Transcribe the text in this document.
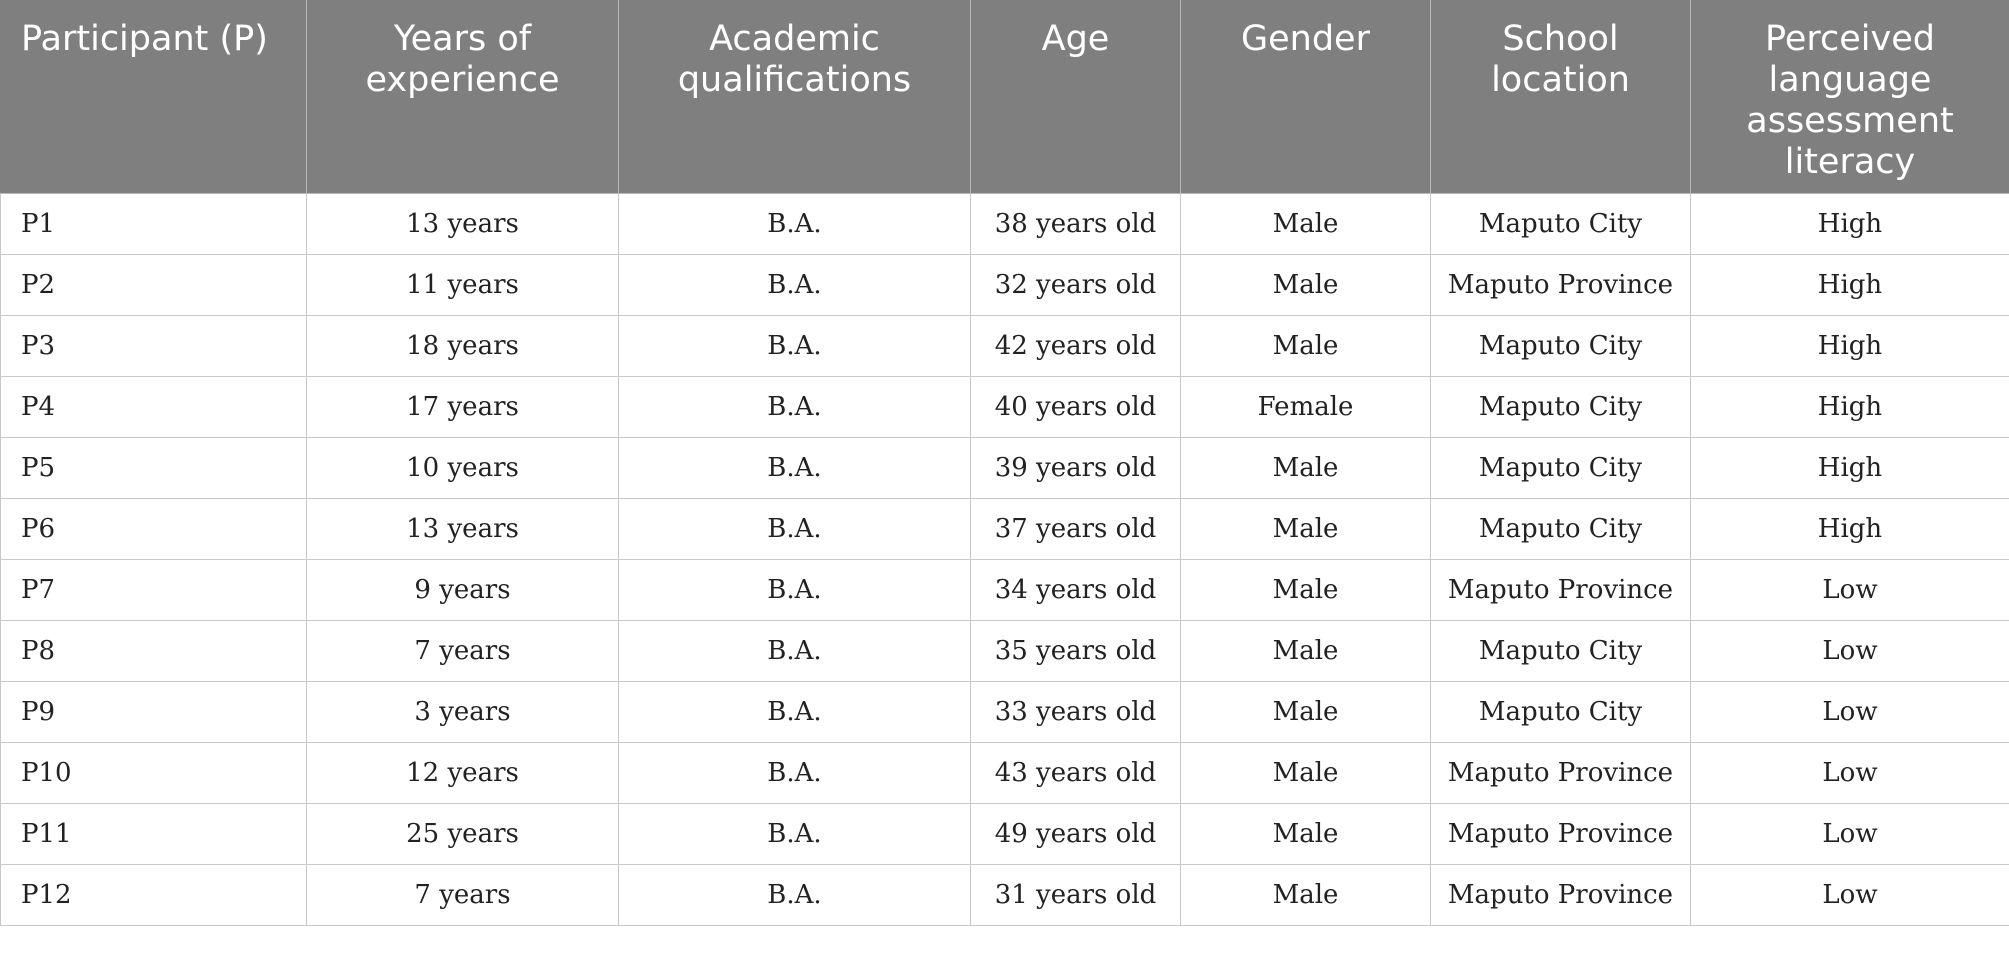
Participant (P)	Years of experience	Academic qualifications	Age	Gender	School location	Perceived language assessment literacy
P1	13 years	B.A.	38 years old	Male	Maputo City	High
P2	11 years	B.A.	32 years old	Male	Maputo Province	High
P3	18 years	B.A.	42 years old	Male	Maputo City	High
P4	17 years	B.A.	40 years old	Female	Maputo City	High
P5	10 years	B.A.	39 years old	Male	Maputo City	High
P6	13 years	B.A.	37 years old	Male	Maputo City	High
P7	9 years	B.A.	34 years old	Male	Maputo Province	Low
P8	7 years	B.A.	35 years old	Male	Maputo City	Low
P9	3 years	B.A.	33 years old	Male	Maputo City	Low
P10	12 years	B.A.	43 years old	Male	Maputo Province	Low
P11	25 years	B.A.	49 years old	Male	Maputo Province	Low
P12	7 years	B.A.	31 years old	Male	Maputo Province	Low
